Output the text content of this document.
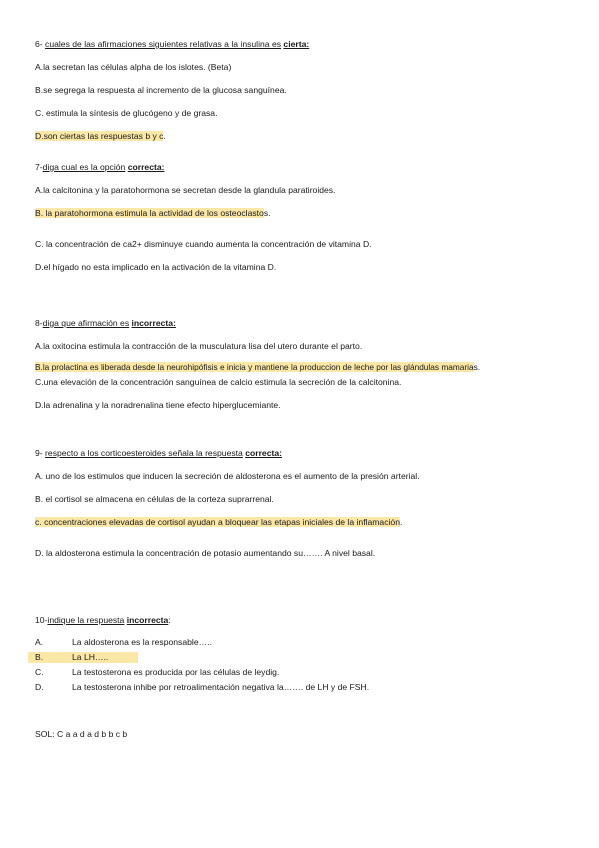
6- cuales de las afirmaciones siguientes relativas a la insulina es cierta:
A.la secretan las células alpha de los islotes. (Beta)
B.se segrega la respuesta al incremento de la glucosa sanguínea.
C. estimula la síntesis de glucógeno y de grasa.
D.son ciertas las respuestas b y c.
7-diga cual es la opción correcta:
A.la calcitonina y la paratohormona se secretan desde la glandula paratiroides.
B. la paratohormona estimula la actividad de los osteoclastos.
C. la concentración de ca2+ disminuye cuando aumenta la concentración de vitamina D.
D.el hígado no esta implicado en la activación de la vitamina D.
8-diga que afirmación es incorrecta:
A.la oxitocina estimula la contracción de la musculatura lisa del utero durante el parto.
B.la prolactina es liberada desde la neurohipófisis e inicia y mantiene la produccion de leche por las glándulas mamarias.
C.una elevación de la concentración sanguínea de calcio estimula la secreción de la calcitonina.
D.la adrenalina y la noradrenalina tiene efecto hiperglucemiante.
9- respecto a los corticoesteroides señala la respuesta correcta:
A. uno de los estimulos que inducen la secreción de aldosterona es el aumento de la presión arterial.
B. el cortisol se almacena en células de la corteza suprarrenal.
c. concentraciones elevadas de cortisol ayudan a bloquear las etapas iniciales de la inflamación.
D. la aldosterona estimula la concentración de potasio aumentando su……. A nivel basal.
10-indique la respuesta incorrecta:
A.	La aldosterona es la responsable…..
B.	La LH…..
C.	La testosterona es producida por las células de leydig.
D.	La testosterona inhibe por retroalimentación negativa la……. de LH y de FSH.
SOL: C a a d a d b b c b
